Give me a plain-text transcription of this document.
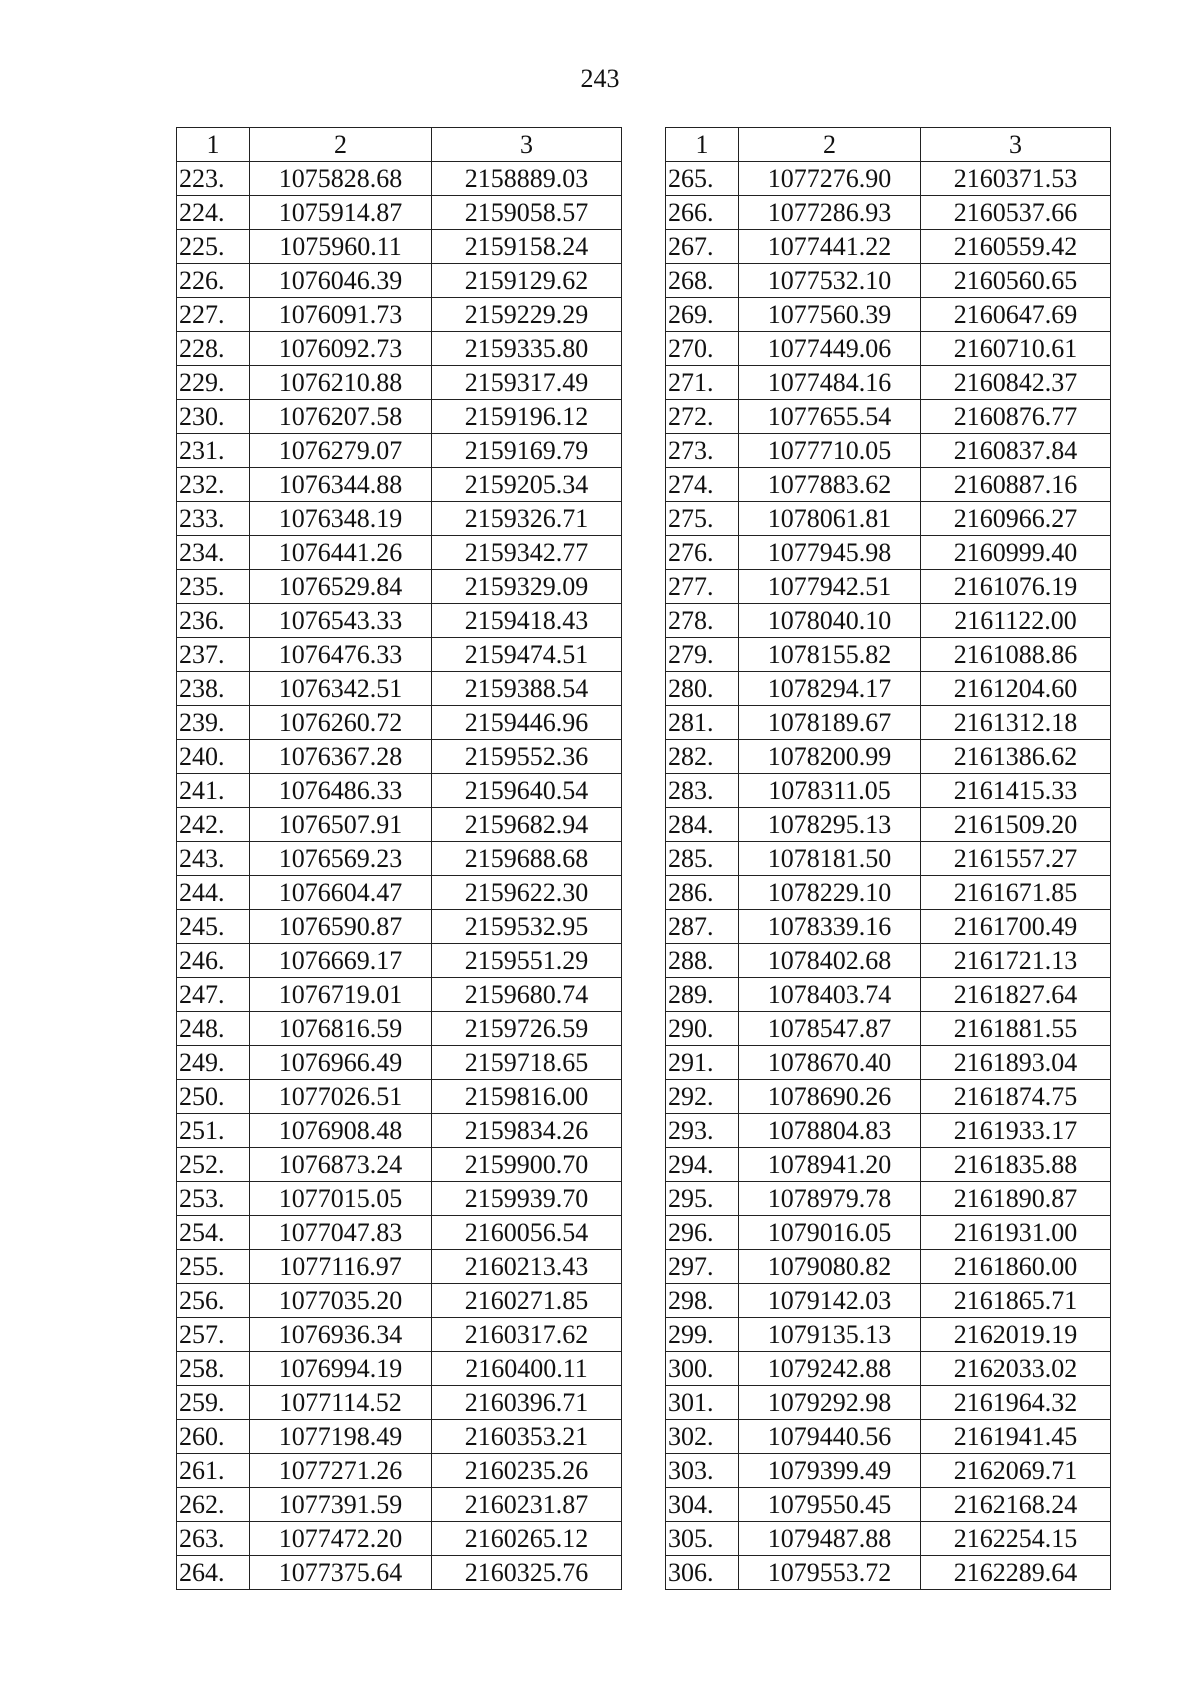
243
1	2	3
223.	1075828.68	2158889.03
224.	1075914.87	2159058.57
225.	1075960.11	2159158.24
226.	1076046.39	2159129.62
227.	1076091.73	2159229.29
228.	1076092.73	2159335.80
229.	1076210.88	2159317.49
230.	1076207.58	2159196.12
231.	1076279.07	2159169.79
232.	1076344.88	2159205.34
233.	1076348.19	2159326.71
234.	1076441.26	2159342.77
235.	1076529.84	2159329.09
236.	1076543.33	2159418.43
237.	1076476.33	2159474.51
238.	1076342.51	2159388.54
239.	1076260.72	2159446.96
240.	1076367.28	2159552.36
241.	1076486.33	2159640.54
242.	1076507.91	2159682.94
243.	1076569.23	2159688.68
244.	1076604.47	2159622.30
245.	1076590.87	2159532.95
246.	1076669.17	2159551.29
247.	1076719.01	2159680.74
248.	1076816.59	2159726.59
249.	1076966.49	2159718.65
250.	1077026.51	2159816.00
251.	1076908.48	2159834.26
252.	1076873.24	2159900.70
253.	1077015.05	2159939.70
254.	1077047.83	2160056.54
255.	1077116.97	2160213.43
256.	1077035.20	2160271.85
257.	1076936.34	2160317.62
258.	1076994.19	2160400.11
259.	1077114.52	2160396.71
260.	1077198.49	2160353.21
261.	1077271.26	2160235.26
262.	1077391.59	2160231.87
263.	1077472.20	2160265.12
264.	1077375.64	2160325.76
1	2	3
265.	1077276.90	2160371.53
266.	1077286.93	2160537.66
267.	1077441.22	2160559.42
268.	1077532.10	2160560.65
269.	1077560.39	2160647.69
270.	1077449.06	2160710.61
271.	1077484.16	2160842.37
272.	1077655.54	2160876.77
273.	1077710.05	2160837.84
274.	1077883.62	2160887.16
275.	1078061.81	2160966.27
276.	1077945.98	2160999.40
277.	1077942.51	2161076.19
278.	1078040.10	2161122.00
279.	1078155.82	2161088.86
280.	1078294.17	2161204.60
281.	1078189.67	2161312.18
282.	1078200.99	2161386.62
283.	1078311.05	2161415.33
284.	1078295.13	2161509.20
285.	1078181.50	2161557.27
286.	1078229.10	2161671.85
287.	1078339.16	2161700.49
288.	1078402.68	2161721.13
289.	1078403.74	2161827.64
290.	1078547.87	2161881.55
291.	1078670.40	2161893.04
292.	1078690.26	2161874.75
293.	1078804.83	2161933.17
294.	1078941.20	2161835.88
295.	1078979.78	2161890.87
296.	1079016.05	2161931.00
297.	1079080.82	2161860.00
298.	1079142.03	2161865.71
299.	1079135.13	2162019.19
300.	1079242.88	2162033.02
301.	1079292.98	2161964.32
302.	1079440.56	2161941.45
303.	1079399.49	2162069.71
304.	1079550.45	2162168.24
305.	1079487.88	2162254.15
306.	1079553.72	2162289.64
